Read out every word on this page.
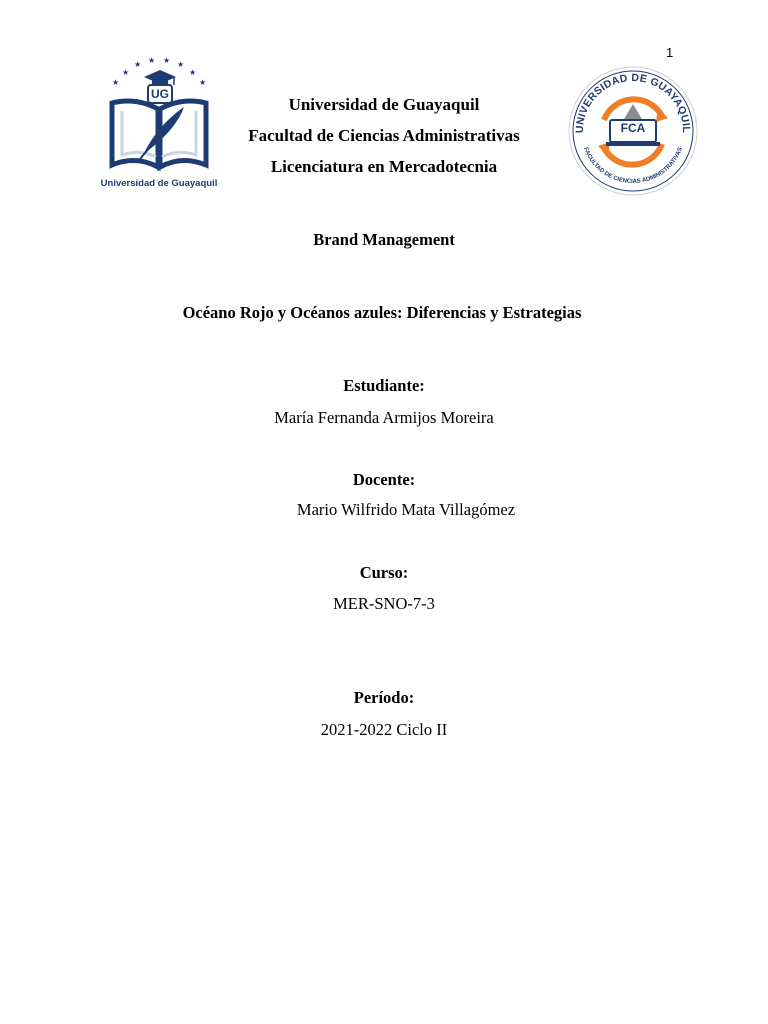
1
★
★
★ ★ ★ ★
★
★
UG
Universidad de Guayaquil
UNIVERSIDAD DE GUAYAQUIL
FACULTAD DE CIENCIAS ADMINISTRATIVAS
FCA
Universidad de Guayaquil
Facultad de Ciencias Administrativas
Licenciatura en Mercadotecnia
Brand Management
Océano Rojo y Océanos azules: Diferencias y Estrategias
Estudiante:
María Fernanda Armijos Moreira
Docente:
Mario Wilfrido Mata Villagómez
Curso:
MER-SNO-7-3
Período:
2021-2022 Ciclo II
